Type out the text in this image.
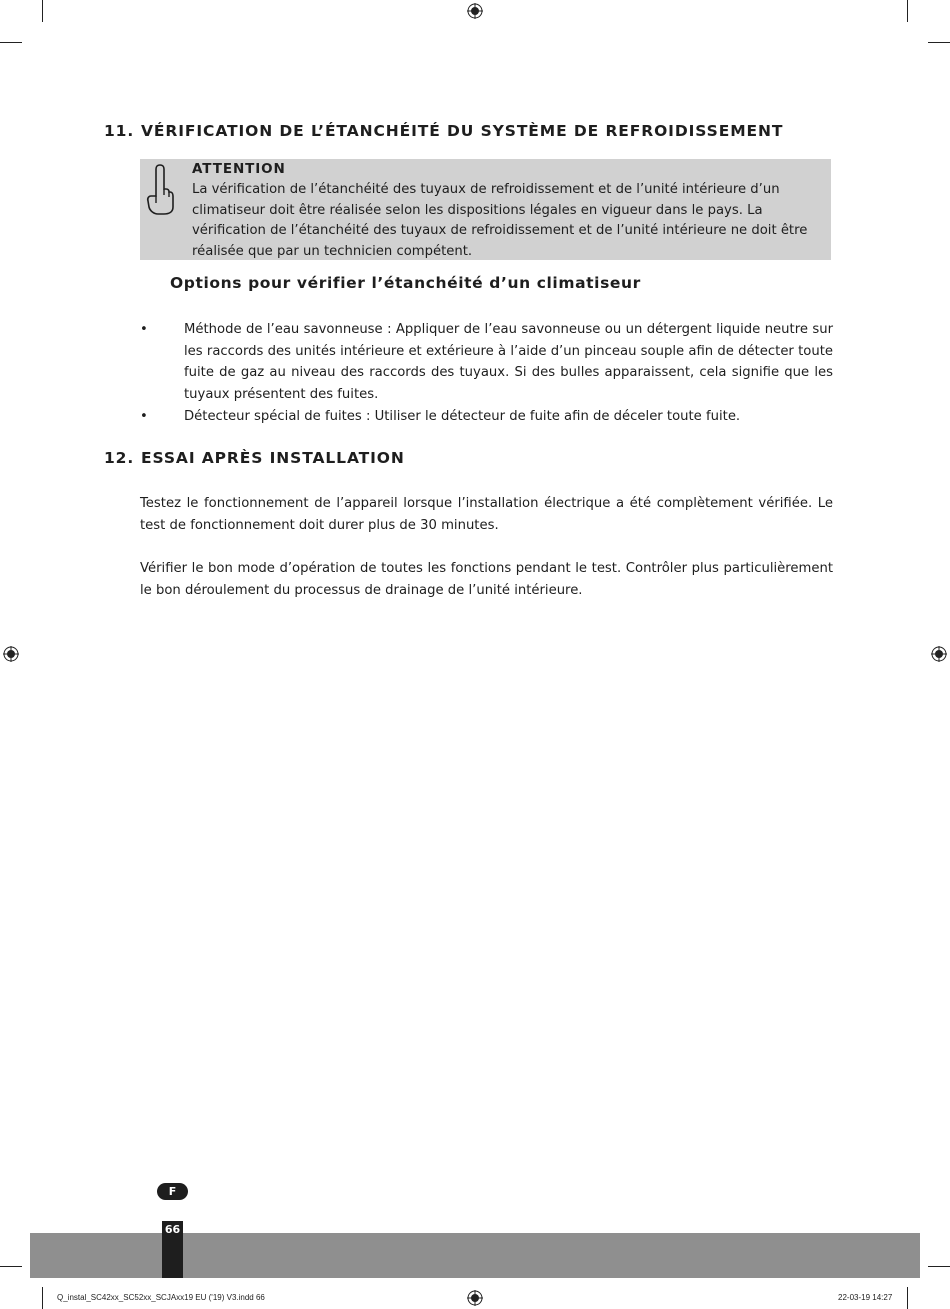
11. VÉRIFICATION DE L’ÉTANCHÉITÉ DU SYSTÈME DE REFROIDISSEMENT
ATTENTION
La vérification de l’étanchéité des tuyaux de refroidissement et de l’unité intérieure d’un climatiseur doit être réalisée selon les dispositions légales en vigueur dans le pays. La vérification de l’étanchéité des tuyaux de refroidissement et de l’unité intérieure ne doit être réalisée que par un technicien compétent.
Options pour vérifier l’étanchéité d’un climatiseur
•	Méthode de l’eau savonneuse : Appliquer de l’eau savonneuse ou un détergent liquide neutre sur les raccords des unités intérieure et extérieure à l’aide d’un pinceau souple afin de détecter toute fuite de gaz au niveau des raccords des tuyaux. Si des bulles apparaissent, cela signifie que les tuyaux présentent des fuites.
•	Détecteur spécial de fuites : Utiliser le détecteur de fuite afin de déceler toute fuite.
12. ESSAI APRÈS INSTALLATION
Testez le fonctionnement de l’appareil lorsque l’installation électrique a été complètement vérifiée. Le test de fonctionnement doit durer plus de 30 minutes.
Vérifier le bon mode d’opération de toutes les fonctions pendant le test. Contrôler plus particulièrement le bon déroulement du processus de drainage de l’unité intérieure.
F
66
Q_instal_SC42xx_SC52xx_SCJAxx19 EU ('19) V3.indd 66	22-03-19 14:27
